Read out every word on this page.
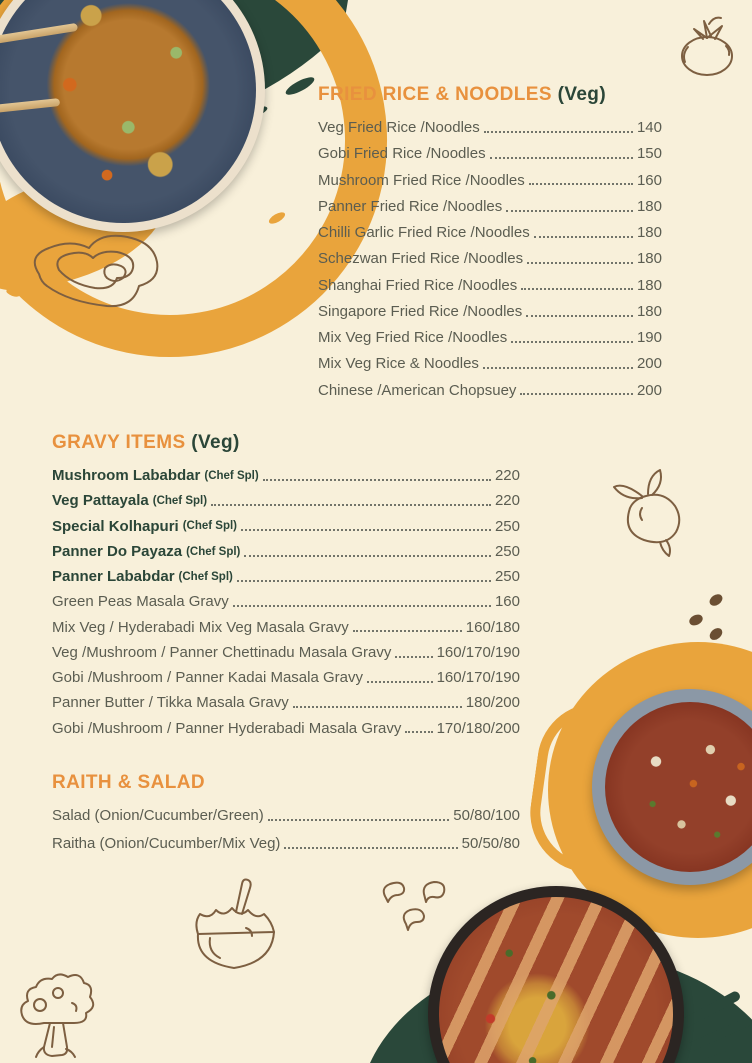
FRIED RICE & NOODLES (Veg)
Veg Fried Rice /Noodles	140
Gobi Fried Rice /Noodles	150
Mushroom Fried Rice /Noodles	160
Panner Fried Rice /Noodles	180
Chilli Garlic Fried Rice /Noodles	180
Schezwan Fried Rice /Noodles	180
Shanghai Fried Rice /Noodles	180
Singapore Fried Rice /Noodles	180
Mix Veg Fried Rice /Noodles	190
Mix Veg Rice & Noodles	200
Chinese /American Chopsuey	200
GRAVY ITEMS (Veg)
Mushroom Lababdar (Chef Spl)	220
Veg Pattayala (Chef Spl)	220
Special Kolhapuri (Chef Spl)	250
Panner Do Payaza (Chef Spl)	250
Panner Lababdar (Chef Spl)	250
Green Peas Masala Gravy	160
Mix Veg / Hyderabadi Mix Veg Masala Gravy	160/180
Veg /Mushroom / Panner Chettinadu Masala Gravy	160/170/190
Gobi /Mushroom / Panner Kadai Masala Gravy	160/170/190
Panner Butter / Tikka Masala Gravy	180/200
Gobi /Mushroom / Panner Hyderabadi Masala Gravy 170/180/200
RAITH & SALAD
Salad (Onion/Cucumber/Green)	50/80/100
Raitha (Onion/Cucumber/Mix Veg)	50/50/80
